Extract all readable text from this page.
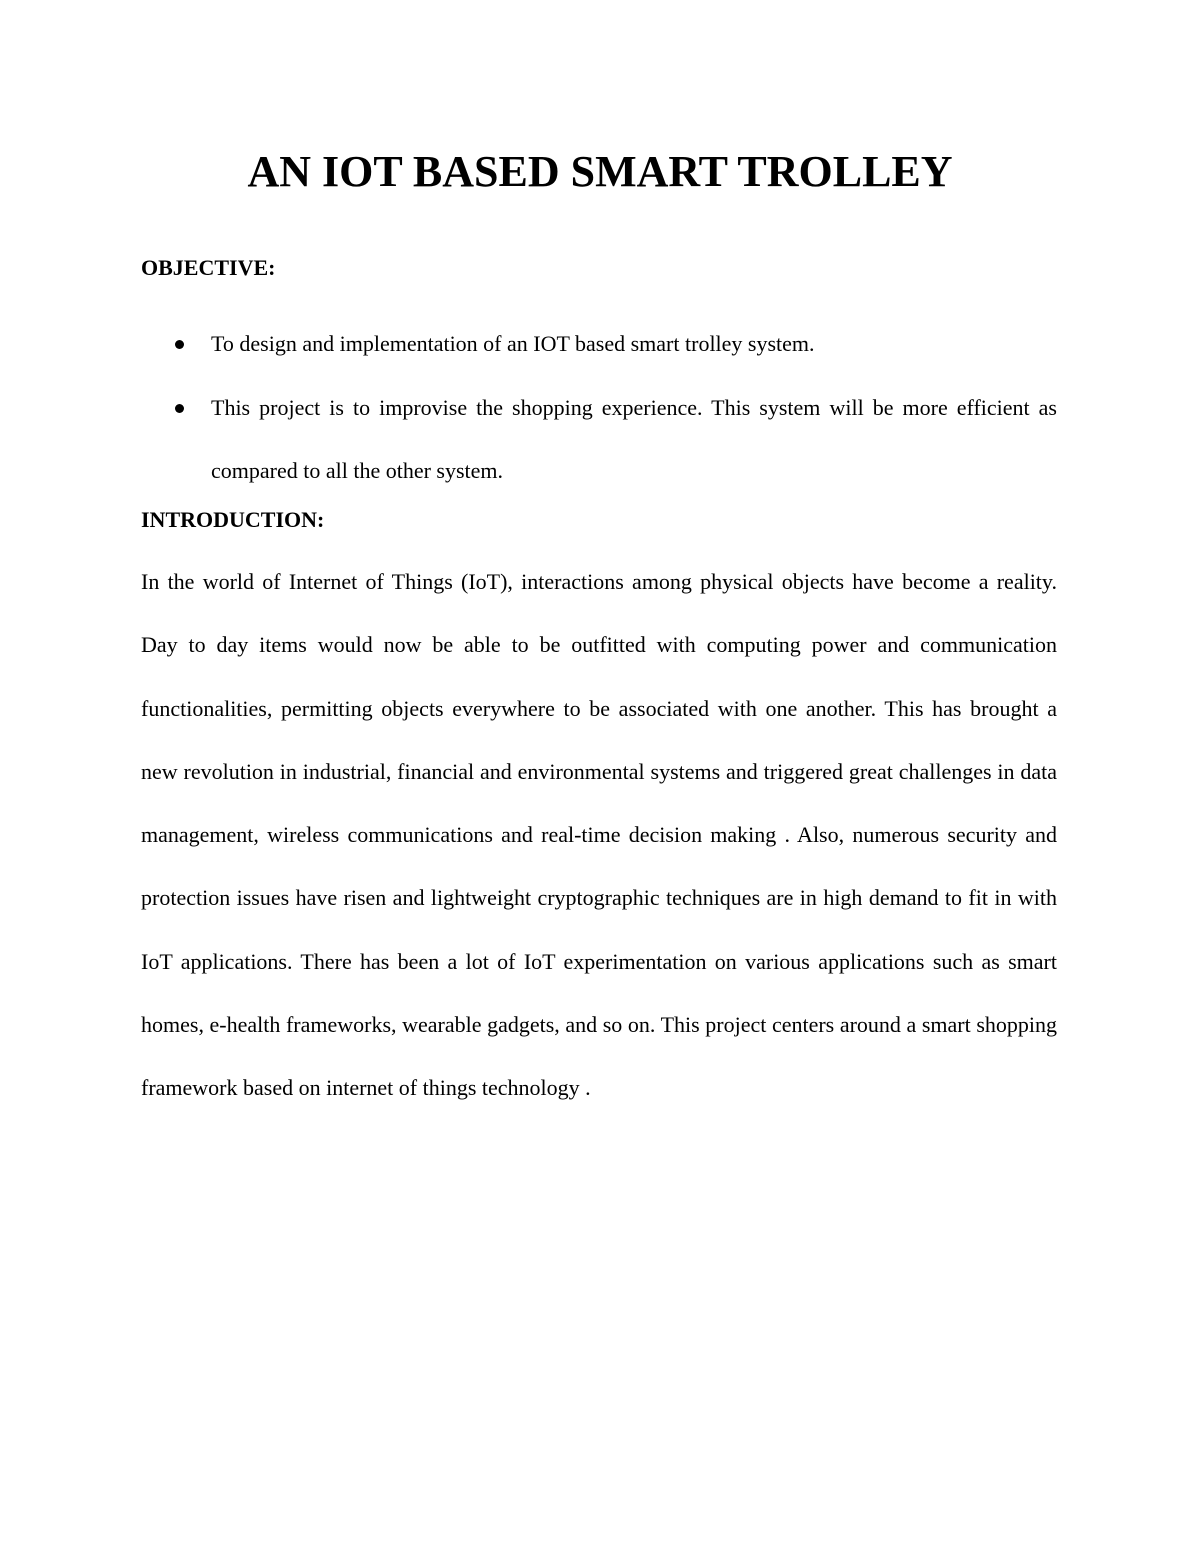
AN IOT BASED SMART TROLLEY
OBJECTIVE:
To design and implementation of an IOT based smart trolley system.
This project is to improvise the shopping experience. This system will be more efficient as compared to all the other system.
INTRODUCTION:

In the world of Internet of Things (IoT), interactions among physical objects have become a reality. Day to day items would now be able to be outfitted with computing power and communication functionalities, permitting objects everywhere to be associated with one another. This has brought a new revolution in industrial, financial and environmental systems and triggered great challenges in data management, wireless communications and real-time decision making . Also, numerous security and protection issues have risen and lightweight cryptographic techniques are in high demand to fit in with IoT applications. There has been a lot of IoT experimentation on various applications such as smart homes, e-health frameworks, wearable gadgets, and so on. This project centers around a smart shopping framework based on internet of things technology .
